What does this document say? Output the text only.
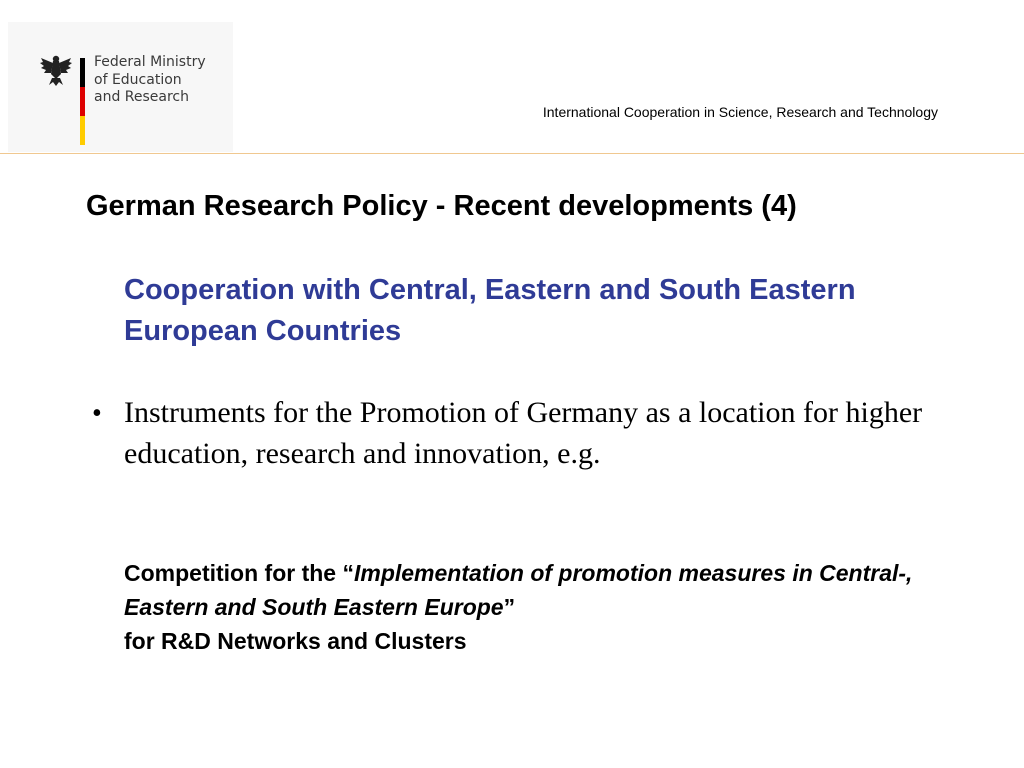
Federal Ministry
of Education
and Research
International Cooperation in Science, Research and Technology
German Research Policy - Recent developments (4)
Cooperation with Central, Eastern and South Eastern European Countries
• Instruments for the Promotion of Germany as a location for higher education, research and innovation, e.g.
Competition for the “Implementation of promotion measures in Central-, Eastern and South Eastern Europe”
for R&D Networks and Clusters
